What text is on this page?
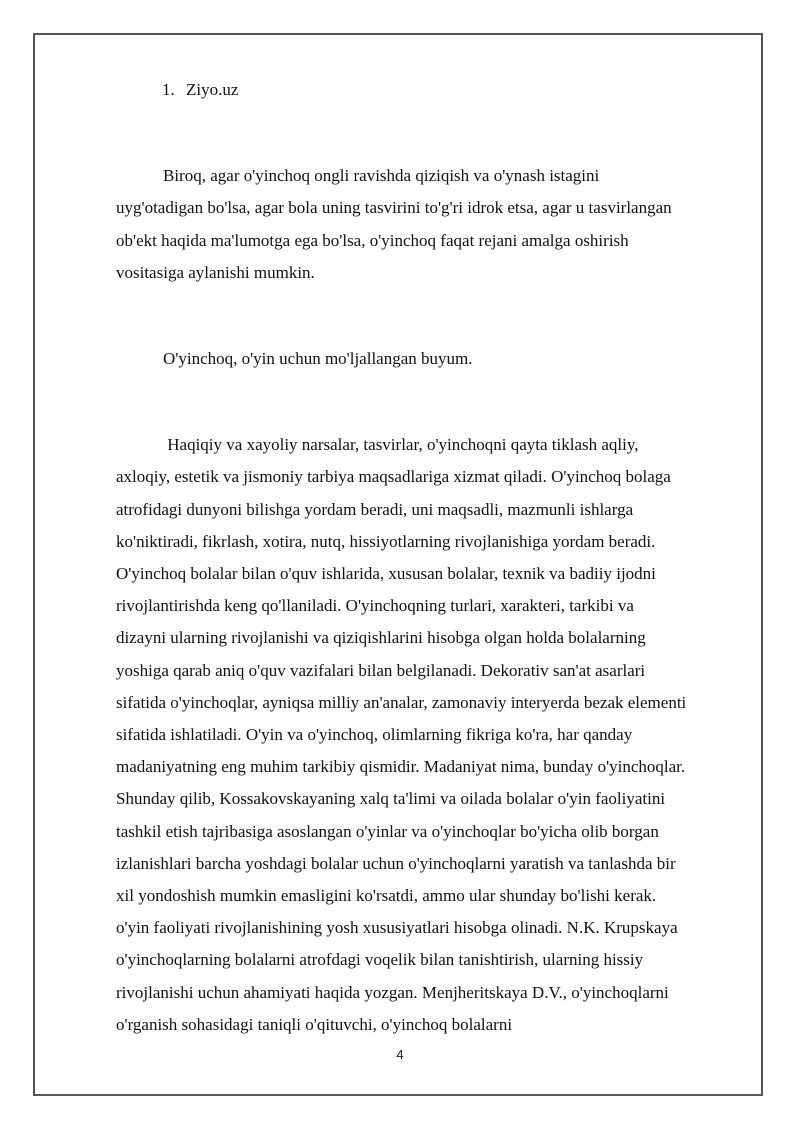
1. Ziyo.uz

Biroq, agar o'yinchoq ongli ravishda qiziqish va o'ynash istagini uyg'otadigan bo'lsa, agar bola uning tasvirini to'g'ri idrok etsa, agar u tasvirlangan ob'ekt haqida ma'lumotga ega bo'lsa, o'yinchoq faqat rejani amalga oshirish vositasiga aylanishi mumkin.

O'yinchoq, o'yin uchun mo'ljallangan buyum.

Haqiqiy va xayoliy narsalar, tasvirlar, o'yinchoqni qayta tiklash aqliy, axloqiy, estetik va jismoniy tarbiya maqsadlariga xizmat qiladi. O'yinchoq bolaga atrofidagi dunyoni bilishga yordam beradi, uni maqsadli, mazmunli ishlarga ko'niktiradi, fikrlash, xotira, nutq, hissiyotlarning rivojlanishiga yordam beradi. O'yinchoq bolalar bilan o'quv ishlarida, xususan bolalar, texnik va badiiy ijodni rivojlantirishda keng qo'llaniladi. O'yinchoqning turlari, xarakteri, tarkibi va dizayni ularning rivojlanishi va qiziqishlarini hisobga olgan holda bolalarning yoshiga qarab aniq o'quv vazifalari bilan belgilanadi. Dekorativ san'at asarlari sifatida o'yinchoqlar, ayniqsa milliy an'analar, zamonaviy interyerda bezak elementi sifatida ishlatiladi. O'yin va o'yinchoq, olimlarning fikriga ko'ra, har qanday madaniyatning eng muhim tarkibiy qismidir. Madaniyat nima, bunday o'yinchoqlar. Shunday qilib, Kossakovskayaning xalq ta'limi va oilada bolalar o'yin faoliyatini tashkil etish tajribasiga asoslangan o'yinlar va o'yinchoqlar bo'yicha olib borgan izlanishlari barcha yoshdagi bolalar uchun o'yinchoqlarni yaratish va tanlashda bir xil yondoshish mumkin emasligini ko'rsatdi, ammo ular shunday bo'lishi kerak. o'yin faoliyati rivojlanishining yosh xususiyatlari hisobga olinadi. N.K. Krupskaya o'yinchoqlarning bolalarni atrofdagi voqelik bilan tanishtirish, ularning hissiy rivojlanishi uchun ahamiyati haqida yozgan. Menjheritskaya D.V., o'yinchoqlarni o'rganish sohasidagi taniqli o'qituvchi, o'yinchoq bolalarni

4
